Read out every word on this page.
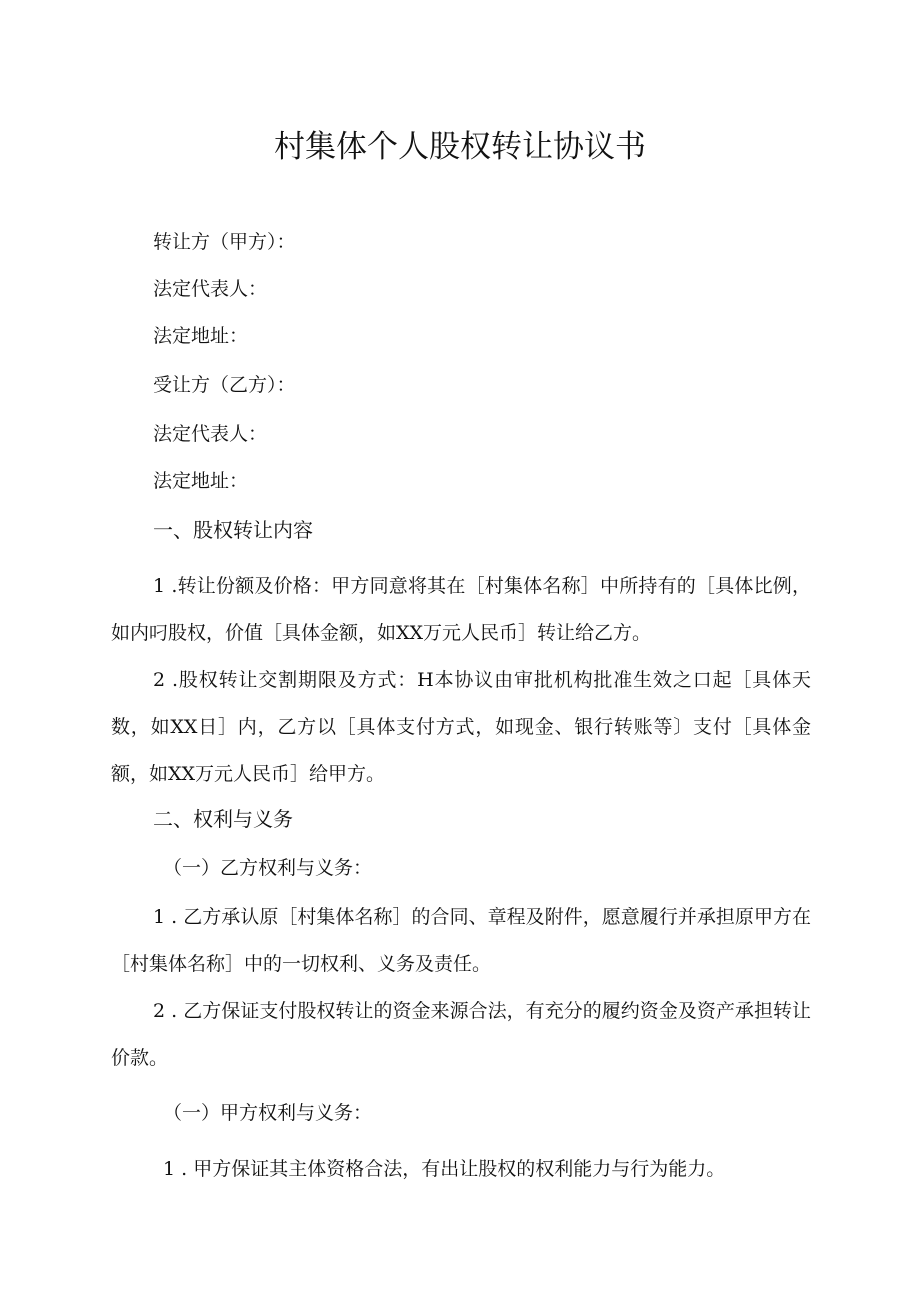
村集体个人股权转让协议书
转让方（甲方）：
法定代表人：
法定地址：
受让方（乙方）：
法定代表人：
法定地址：
一、股权转让内容
1 .转让份额及价格：甲方同意将其在［村集体名称］中所持有的［具体比例，如内叼股权，价值［具体金额，如XX万元人民币］转让给乙方。
2 .股权转让交割期限及方式：H本协议由审批机构批准生效之口起［具体天数，如XX日］内，乙方以［具体支付方式，如现金、银行转账等〕支付［具体金额，如XX万元人民币］给甲方。
二、权利与义务
（一）乙方权利与义务：
1 . 乙方承认原［村集体名称］的合同、章程及附件，愿意履行并承担原甲方在［村集体名称］中的一切权利、义务及责任。
2 . 乙方保证支付股权转让的资金来源合法，有充分的履约资金及资产承担转让价款。
（一）甲方权利与义务：
1 . 甲方保证其主体资格合法，有出让股权的权利能力与行为能力。
